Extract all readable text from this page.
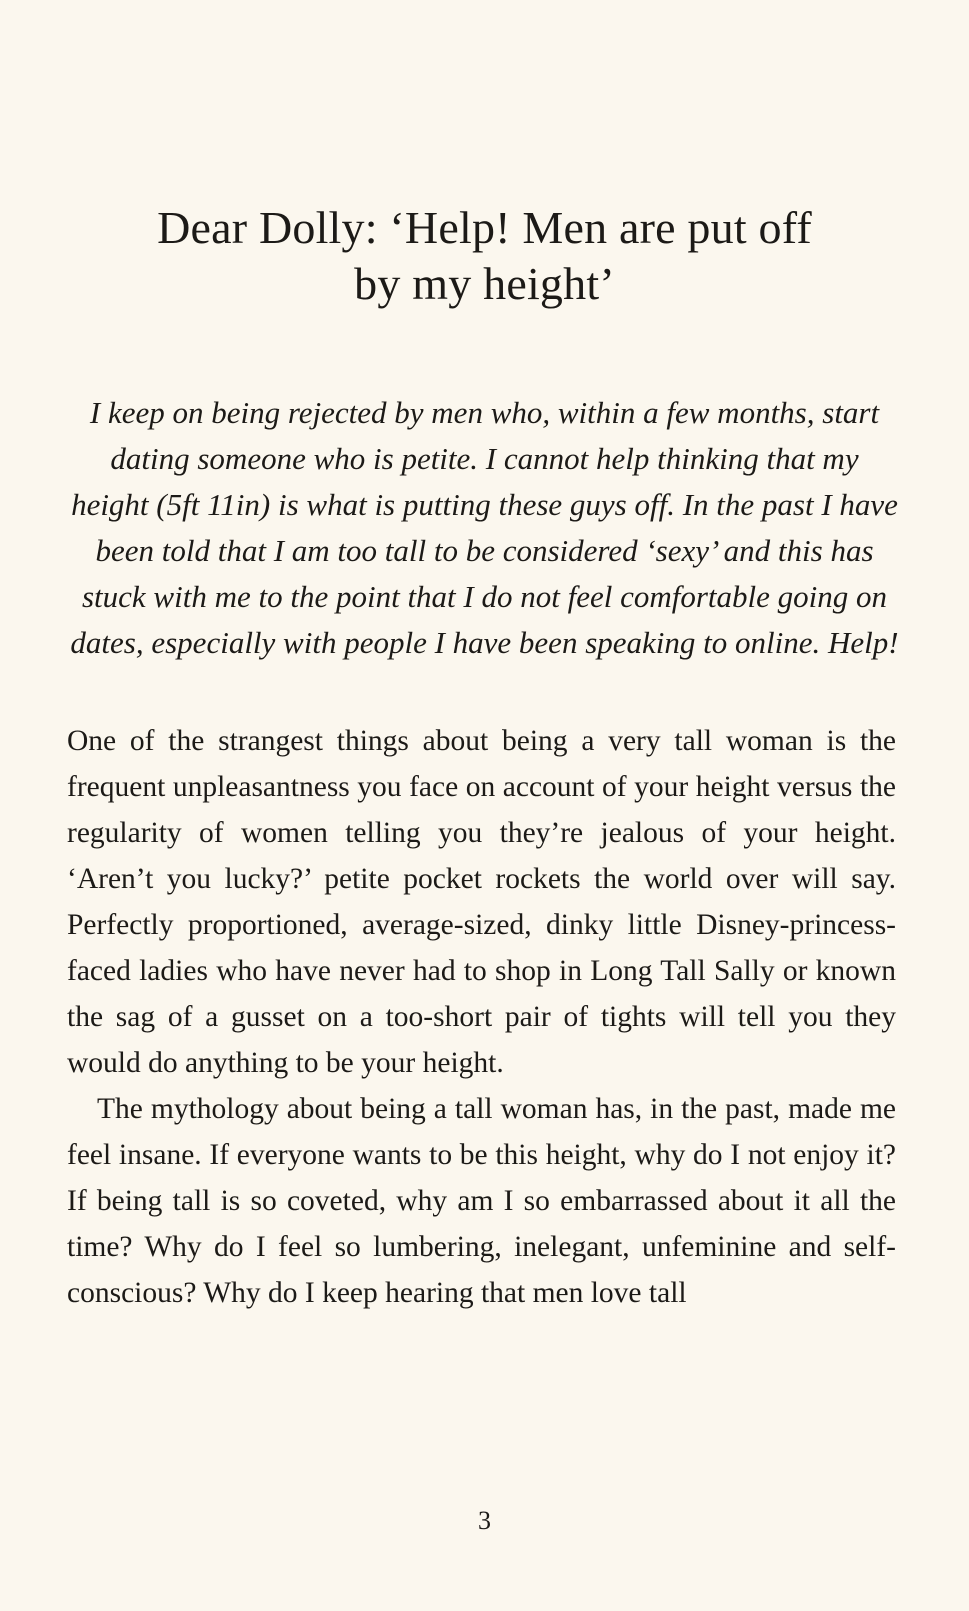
Dear Dolly: ‘Help! Men are put off
by my height’

I keep on being rejected by men who, within a few months, start dating someone who is petite. I cannot help thinking that my height (5ft 11in) is what is putting these guys off. In the past I have been told that I am too tall to be considered ‘sexy’ and this has stuck with me to the point that I do not feel comfortable going on dates, especially with people I have been speaking to online. Help!

One of the strangest things about being a very tall woman is the frequent unpleasantness you face on account of your height versus the regularity of women telling you they’re jealous of your height. ‘Aren’t you lucky?’ petite pocket rockets the world over will say. Perfectly proportioned, average-sized, dinky little Disney-princess-faced ladies who have never had to shop in Long Tall Sally or known the sag of a gusset on a too-short pair of tights will tell you they would do anything to be your height.

The mythology about being a tall woman has, in the past, made me feel insane. If everyone wants to be this height, why do I not enjoy it? If being tall is so coveted, why am I so embarrassed about it all the time? Why do I feel so lumbering, inelegant, unfeminine and self-conscious? Why do I keep hearing that men love tall

3
